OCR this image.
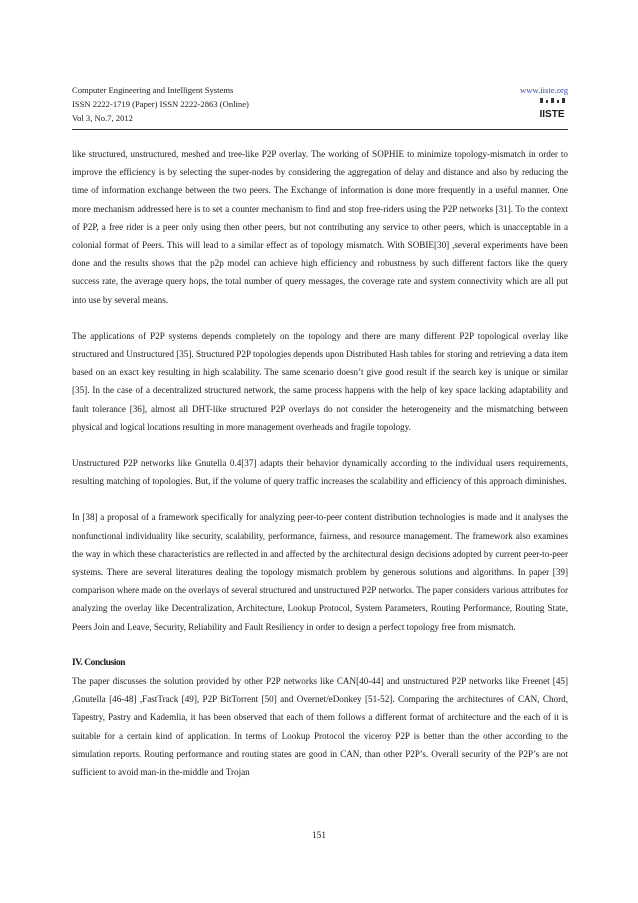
Computer Engineering and Intelligent Systems
ISSN 2222-1719 (Paper) ISSN 2222-2863 (Online)
Vol 3, No.7, 2012
www.iiste.org
IISTE

like structured, unstructured, meshed and tree-like P2P overlay. The working of SOPHIE to minimize topology-mismatch in order to improve the efficiency is by selecting the super-nodes by considering the aggregation of delay and distance and also by reducing the time of information exchange between the two peers. The Exchange of information is done more frequently in a useful manner. One more mechanism addressed here is to set a counter mechanism to find and stop free-riders using the P2P networks [31]. To the context of P2P, a free rider is a peer only using then other peers, but not contributing any service to other peers, which is unacceptable in a colonial format of Peers. This will lead to a similar effect as of topology mismatch. With SOBIE[30] ,several experiments have been done and the results shows that the p2p model can achieve high efficiency and robustness by such different factors like the query success rate, the average query hops, the total number of query messages, the coverage rate and system connectivity which are all put into use by several means.

The applications of P2P systems depends completely on the topology and there are many different P2P topological overlay like structured and Unstructured [35]. Structured P2P topologies depends upon Distributed Hash tables for storing and retrieving a data item based on an exact key resulting in high scalability. The same scenario doesn’t give good result if the search key is unique or similar [35]. In the case of a decentralized structured network, the same process happens with the help of key space lacking adaptability and fault tolerance [36], almost all DHT-like structured P2P overlays do not consider the heterogeneity and the mismatching between physical and logical locations resulting in more management overheads and fragile topology.

Unstructured P2P networks like Gnutella 0.4[37] adapts their behavior dynamically according to the individual users requirements, resulting matching of topologies. But, if the volume of query traffic increases the scalability and efficiency of this approach diminishes.

In [38] a proposal of a framework specifically for analyzing peer-to-peer content distribution technologies is made and it analyses the nonfunctional individuality like security, scalability, performance, fairness, and resource management. The framework also examines the way in which these characteristics are reflected in and affected by the architectural design decisions adopted by current peer-to-peer systems. There are several literatures dealing the topology mismatch problem by generous solutions and algorithms. In paper [39] comparison where made on the overlays of several structured and unstructured P2P networks. The paper considers various attributes for analyzing the overlay like Decentralization, Architecture, Lookup Protocol, System Parameters, Routing Performance, Routing State, Peers Join and Leave, Security, Reliability and Fault Resiliency in order to design a perfect topology free from mismatch.

IV. Conclusion

The paper discusses the solution provided by other P2P networks like CAN[40-44] and unstructured P2P networks like Freenet [45] ,Gnutella [46-48] ,FastTrack [49], P2P BitTorrent [50] and Overnet/eDonkey [51-52]. Comparing the architectures of CAN, Chord, Tapestry, Pastry and Kademlia, it has been observed that each of them follows a different format of architecture and the each of it is suitable for a certain kind of application. In terms of Lookup Protocol the viceroy P2P is better than the other according to the simulation reports. Routing performance and routing states are good in CAN, than other P2P’s. Overall security of the P2P’s are not sufficient to avoid man-in the-middle and Trojan

151
